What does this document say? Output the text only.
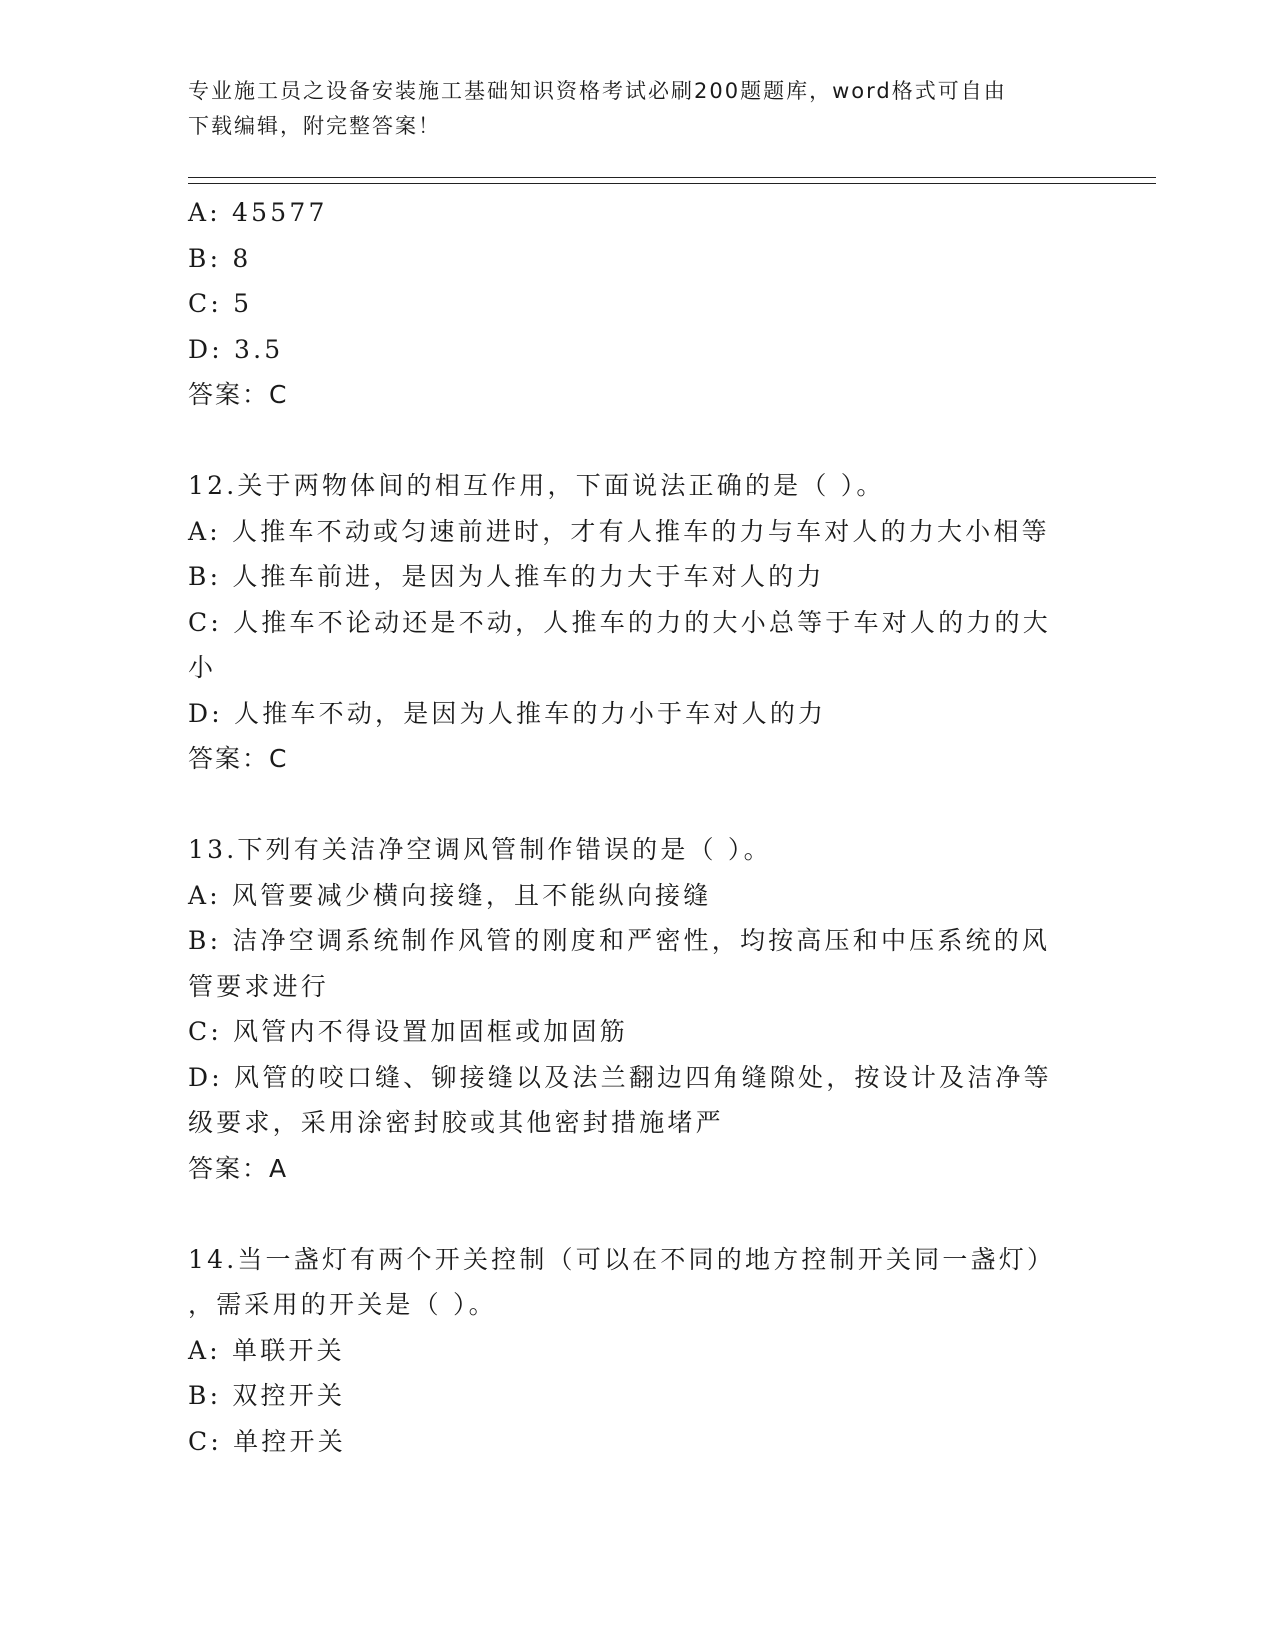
专业施工员之设备安装施工基础知识资格考试必刷200题题库，word格式可自由
下载编辑，附完整答案！
A: 45577
B: 8
C: 5
D: 3.5
答案：C
12.关于两物体间的相互作用，下面说法正确的是（ ）。
A: 人推车不动或匀速前进时，才有人推车的力与车对人的力大小相等
B: 人推车前进，是因为人推车的力大于车对人的力
C: 人推车不论动还是不动，人推车的力的大小总等于车对人的力的大
小
D: 人推车不动，是因为人推车的力小于车对人的力
答案：C
13.下列有关洁净空调风管制作错误的是（ ）。
A: 风管要减少横向接缝，且不能纵向接缝
B: 洁净空调系统制作风管的刚度和严密性，均按高压和中压系统的风
管要求进行
C: 风管内不得设置加固框或加固筋
D: 风管的咬口缝、铆接缝以及法兰翻边四角缝隙处，按设计及洁净等
级要求，采用涂密封胶或其他密封措施堵严
答案：A
14.当一盏灯有两个开关控制（可以在不同的地方控制开关同一盏灯）
，需采用的开关是（ ）。
A: 单联开关
B: 双控开关
C: 单控开关
